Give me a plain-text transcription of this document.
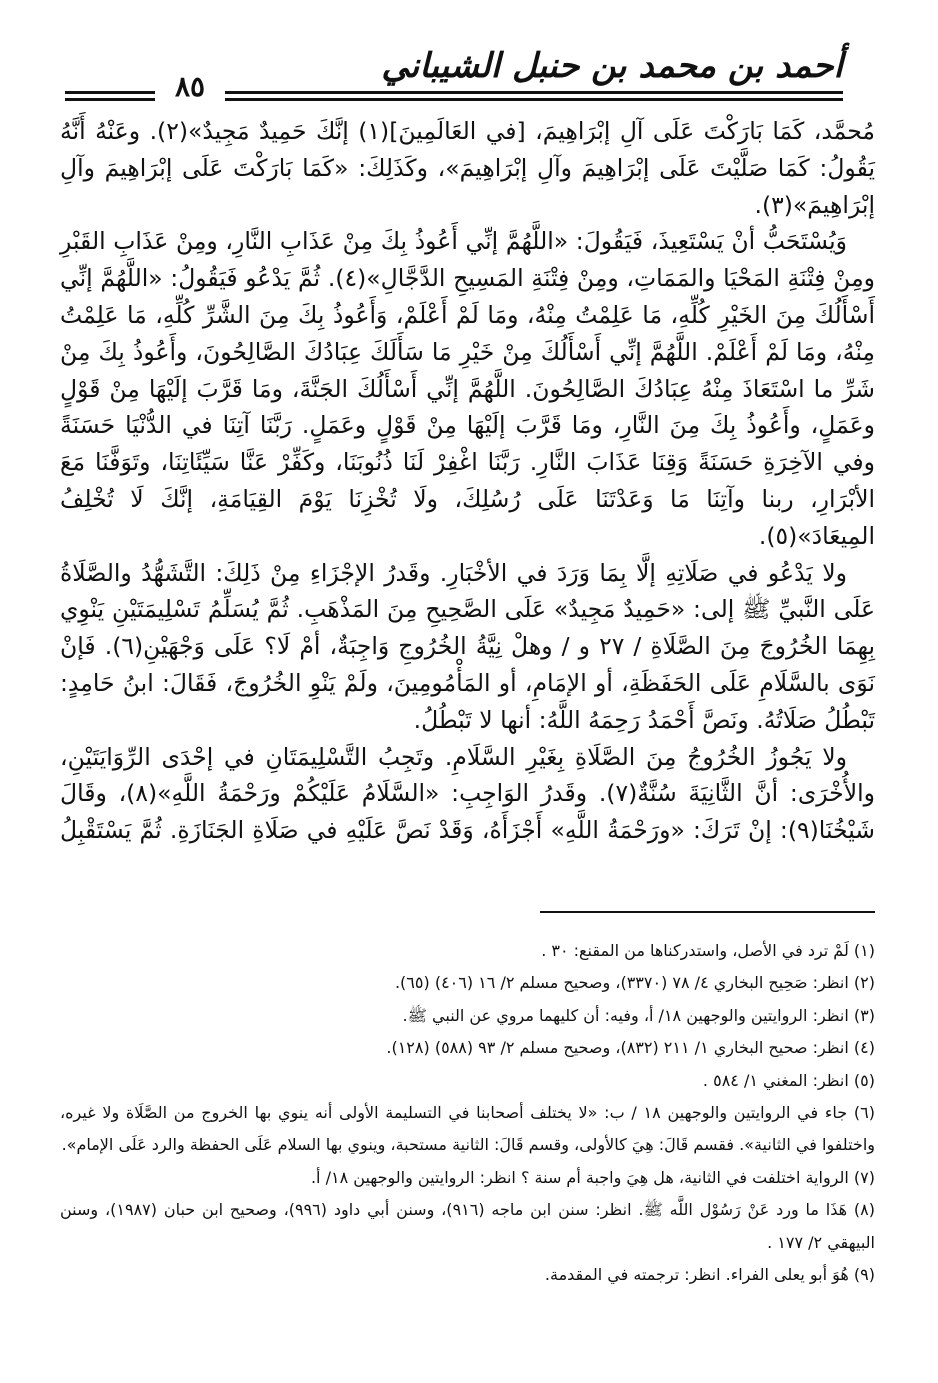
أحمد بن محمد بن حنبل الشيباني
٨٥

مُحمَّد، كَمَا بَارَكْتَ عَلَى آلِ إبْرَاهِيمَ، [في العَالَمِينَ](١) إنَّكَ حَمِيدٌ مَجِيدٌ»(٢). وعَنْهُ أَنَّهُ يَقُولُ: كَمَا صَلَّيْتَ عَلَى إبْرَاهِيمَ وآلِ إبْرَاهِيمَ»، وكَذَلِكَ: «كَمَا بَارَكْتَ عَلَى إبْرَاهِيمَ وآلِ إبْرَاهِيمَ»(٣).

وَيُسْتَحَبُّ أنْ يَسْتَعِيذَ، فَيَقُولَ: «اللَّهُمَّ إنِّي أَعُوذُ بِكَ مِنْ عَذَابِ النَّارِ، ومِنْ عَذَابِ القَبْرِ ومِنْ فِتْنَةِ المَحْيَا والمَمَاتِ، ومِنْ فِتْنَةِ المَسِيحِ الدَّجَّالِ»(٤). ثُمَّ يَدْعُو فَيَقُولُ: «اللَّهُمَّ إنِّي أَسْأَلُكَ مِنَ الخَيْرِ كُلِّهِ، مَا عَلِمْتُ مِنْهُ، ومَا لَمْ أَعْلَمْ، وَأَعُوذُ بِكَ مِنَ الشَّرِّ كُلِّهِ، مَا عَلِمْتُ مِنْهُ، ومَا لَمْ أَعْلَمْ. اللَّهُمَّ إنِّي أَسْأَلُكَ مِنْ خَيْرِ مَا سَأَلَكَ عِبَادُكَ الصَّالِحُونَ، وأَعُوذُ بِكَ مِنْ شَرِّ ما اسْتَعَاذَ مِنْهُ عِبَادُكَ الصَّالِحُونَ. اللَّهُمَّ إنِّي أَسْأَلُكَ الجَنَّةَ، ومَا قَرَّبَ إلَيْهَا مِنْ قَوْلٍ وعَمَلٍ، وأَعُوذُ بِكَ مِنَ النَّارِ، ومَا قَرَّبَ إلَيْهَا مِنْ قَوْلٍ وعَمَلٍ. رَبَّنَا آتِنَا في الدُّنْيَا حَسَنَةً وفي الآخِرَةِ حَسَنَةً وَقِنَا عَذَابَ النَّارِ. رَبَّنَا اغْفِرْ لَنَا ذُنُوبَنَا، وكَفِّرْ عَنَّا سَيِّئَاتِنَا، وتَوَفَّنَا مَعَ الأبْرَارِ، ربنا وآتِنَا مَا وَعَدْتَنَا عَلَى رُسُلِكَ، ولَا تُخْزِنَا يَوْمَ القِيَامَةِ، إنَّكَ لَا تُخْلِفُ المِيعَادَ»(٥).

ولا يَدْعُو في صَلَاتِهِ إلَّا بِمَا وَرَدَ في الأخْبَارِ. وقَدرُ الإجْزَاءِ مِنْ ذَلِكَ: التَّشَهُّدُ والصَّلَاةُ عَلَى النَّبيِّ ﷺ إلى: «حَمِيدٌ مَجِيدٌ» عَلَى الصَّحِيحِ مِنَ المَذْهَبِ. ثُمَّ يُسَلِّمُ تَسْلِيمَتَيْنِ يَنْوِي بِهِمَا الخُرُوجَ مِنَ الصَّلَاةِ / ٢٧ و / وهلْ نِيَّةُ الخُرُوجِ وَاجِبَةٌ، أمْ لَا؟ عَلَى وَجْهَيْنِ(٦). فَإنْ نَوَى بالسَّلَامِ عَلَى الحَفَظَةِ، أو الإمَامِ، أو المَأْمُومِينَ، ولَمْ يَنْوِ الخُرُوجَ، فَقَالَ: ابنُ حَامِدٍ: تَبْطُلُ صَلَاتُهُ. ونَصَّ أَحْمَدُ رَحِمَهُ اللَّهُ: أنها لا تَبْطُلُ.

ولا يَجُوزُ الخُرُوجُ مِنَ الصَّلَاةِ بِغَيْرِ السَّلَامِ. وتَجِبُ التَّسْلِيمَتَانِ في إحْدَى الرِّوَايَتَيْنِ، والأُخْرَى: أنَّ الثَّانِيَةَ سُنَّةٌ(٧). وقَدرُ الوَاجِبِ: «السَّلَامُ عَلَيْكُمْ ورَحْمَةُ اللَّهِ»(٨)، وقَالَ شَيْخُنَا(٩): إنْ تَرَكَ: «ورَحْمَةُ اللَّهِ» أَجْزَأَهُ، وَقَدْ نَصَّ عَلَيْهِ في صَلَاةِ الجَنَازَةِ. ثُمَّ يَسْتَقْبِلُ

(١) لَمْ ترد في الأصل، واستدركناها من المقنع: ٣٠ .

(٢) انظر: صَحِيح البخاري ٤/ ٧٨ (٣٣٧٠)، وصحيح مسلم ٢/ ١٦ (٤٠٦) (٦٥).

(٣) انظر: الروايتين والوجهين ١٨/ أ، وفيه: أن كليهما مروي عن النبي ﷺ.

(٤) انظر: صحيح البخاري ١/ ٢١١ (٨٣٢)، وصحيح مسلم ٢/ ٩٣ (٥٨٨) (١٢٨).

(٥) انظر: المغني ١/ ٥٨٤ .

(٦) جاء في الروايتين والوجهين ١٨ / ب: «لا يختلف أصحابنا في التسليمة الأولى أنه ينوي بها الخروج من الصَّلَاة ولا غيره، واختلفوا في الثانية». فقسم قَالَ: هِيَ كالأولى، وقسم قَالَ: الثانية مستحبة، وينوي بها السلام عَلَى الحفظة والرد عَلَى الإمام».

(٧) الرواية اختلفت في الثانية، هل هِيَ واجبة أم سنة ؟ انظر: الروايتين والوجهين ١٨/ أ.

(٨) هَذَا ما ورد عَنْ رَسُوْل اللَّه ﷺ. انظر: سنن ابن ماجه (٩١٦)، وسنن أبي داود (٩٩٦)، وصحيح ابن حبان (١٩٨٧)، وسنن البيهقي ٢/ ١٧٧ .

(٩) هُوَ أبو يعلى الفراء. انظر: ترجمته في المقدمة.
